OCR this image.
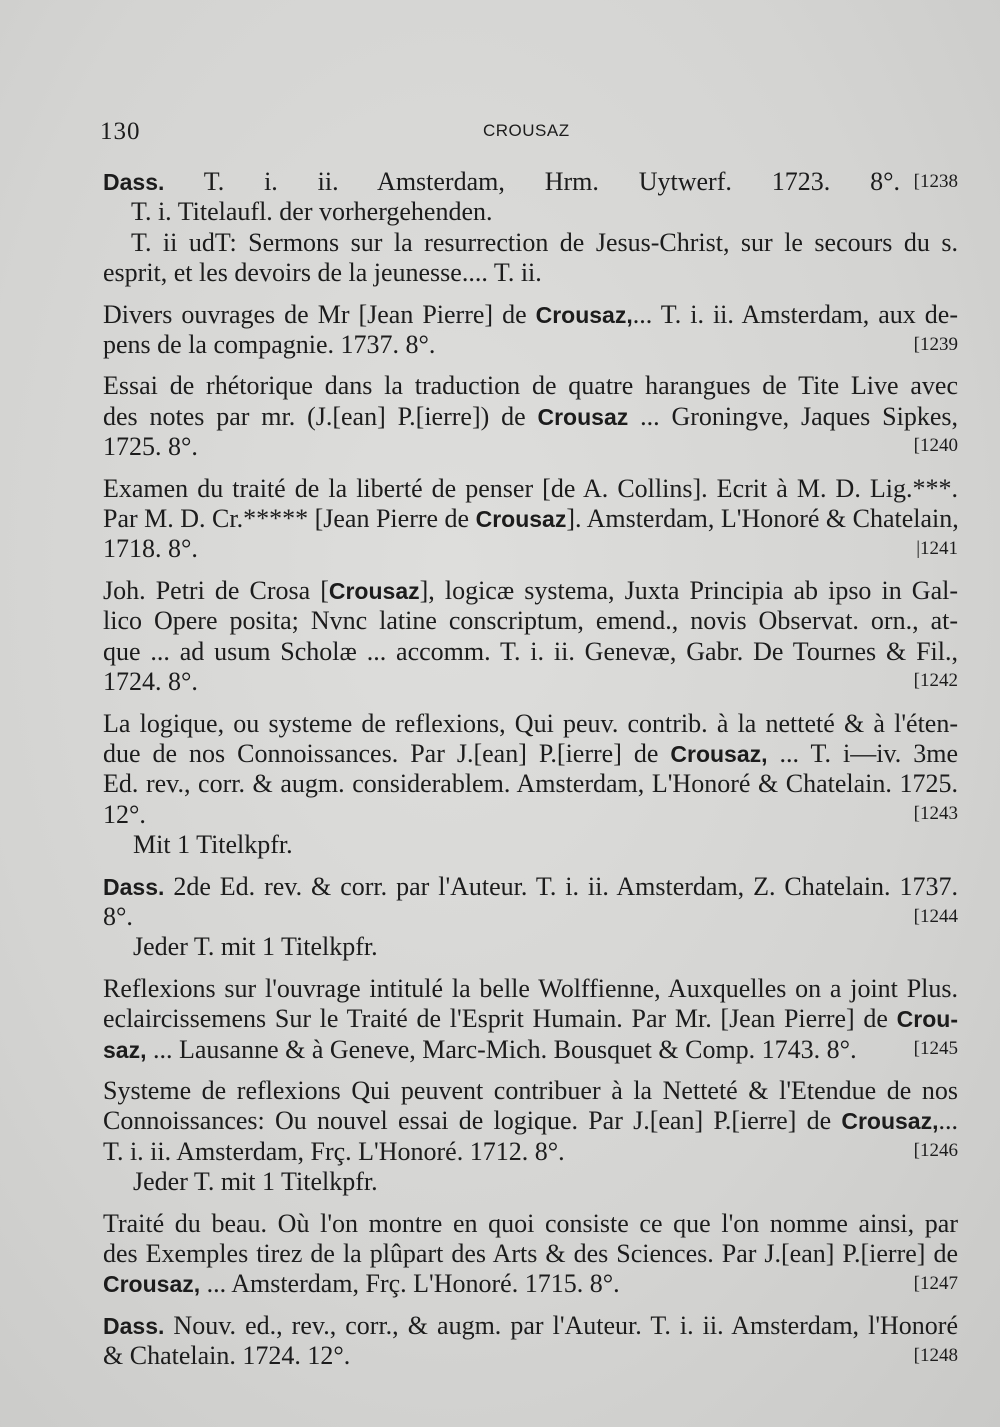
130	CROUSAZ
Dass. T. i. ii. Amsterdam, Hrm. Uytwerf. 1723. 8°.
T. i. Titelaufl. der vorhergehenden.
T. ii udT: Sermons sur la resurrection de Jesus-Christ, sur le secours du s.
esprit, et les devoirs de la jeunesse.... T. ii.
[1238
Divers ouvrages de Mr [Jean Pierre] de Crousaz,... T. i. ii. Amsterdam, aux de-
pens de la compagnie. 1737. 8°.	[1239
Essai de rhétorique dans la traduction de quatre harangues de Tite Live avec
des notes par mr. (J.[ean] P.[ierre]) de Crousaz ... Groningve, Jaques Sipkes,
1725. 8°.	[1240
Examen du traité de la liberté de penser [de A. Collins]. Ecrit à M. D. Lig.***.
Par M. D. Cr.***** [Jean Pierre de Crousaz]. Amsterdam, L'Honoré & Chatelain,
1718. 8°.	|1241
Joh. Petri de Crosa [Crousaz], logicæ systema, Juxta Principia ab ipso in Gal-
lico Opere posita; Nvnc latine conscriptum, emend., novis Observat. orn., at-
que ... ad usum Scholæ ... accomm. T. i. ii. Genevæ, Gabr. De Tournes & Fil.,
1724. 8°.	[1242
La logique, ou systeme de reflexions, Qui peuv. contrib. à la netteté & à l'éten-
due de nos Connoissances. Par J.[ean] P.[ierre] de Crousaz, ... T. i—iv. 3me
Ed. rev., corr. & augm. considerablem. Amsterdam, L'Honoré & Chatelain. 1725.
12°.
Mit 1 Titelkpfr.
[1243
Dass. 2de Ed. rev. & corr. par l'Auteur. T. i. ii. Amsterdam, Z. Chatelain. 1737.
8°.
Jeder T. mit 1 Titelkpfr.
[1244
Reflexions sur l'ouvrage intitulé la belle Wolffienne, Auxquelles on a joint Plus.
eclaircissemens Sur le Traité de l'Esprit Humain. Par Mr. [Jean Pierre] de Crou-
saz, ... Lausanne & à Geneve, Marc-Mich. Bousquet & Comp. 1743. 8°.	[1245
Systeme de reflexions Qui peuvent contribuer à la Netteté & l'Etendue de nos
Connoissances: Ou nouvel essai de logique. Par J.[ean] P.[ierre] de Crousaz,...
T. i. ii. Amsterdam, Frç. L'Honoré. 1712. 8°.
Jeder T. mit 1 Titelkpfr.
[1246
Traité du beau. Où l'on montre en quoi consiste ce que l'on nomme ainsi, par
des Exemples tirez de la plûpart des Arts & des Sciences. Par J.[ean] P.[ierre] de
Crousaz, ... Amsterdam, Frç. L'Honoré. 1715. 8°.	[1247
Dass. Nouv. ed., rev., corr., & augm. par l'Auteur. T. i. ii. Amsterdam, l'Honoré
& Chatelain. 1724. 12°.	[1248
